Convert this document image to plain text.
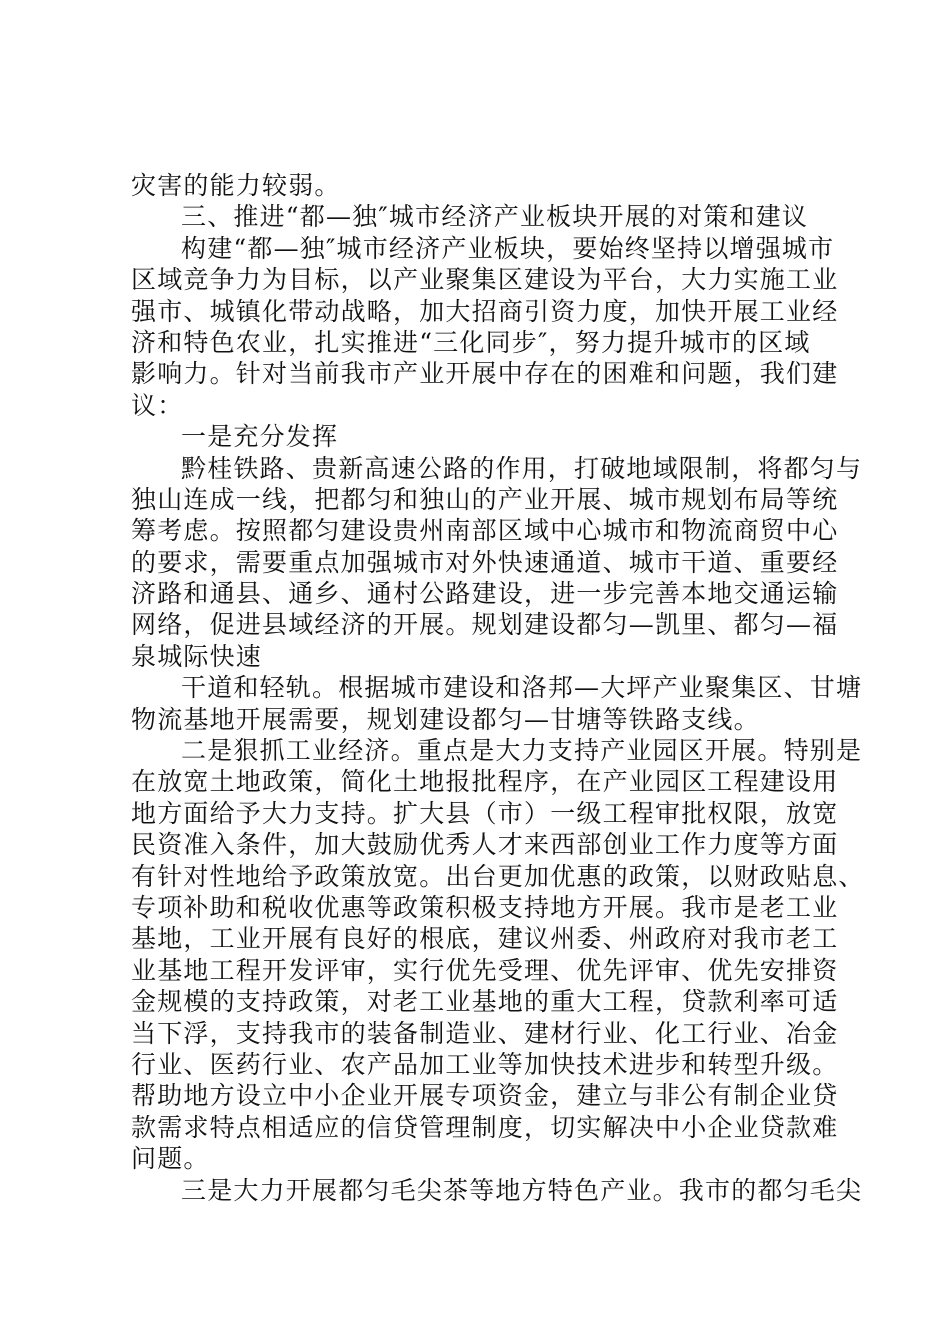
灾害的能力较弱。
三、推进“都—独″城市经济产业板块开展的对策和建议
构建“都—独″城市经济产业板块，要始终坚持以增强城市
区域竞争力为目标，以产业聚集区建设为平台，大力实施工业
强市、城镇化带动战略，加大招商引资力度，加快开展工业经
济和特色农业，扎实推进“三化同步″，努力提升城市的区域
影响力。针对当前我市产业开展中存在的困难和问题，我们建
议：
一是充分发挥
黔桂铁路、贵新高速公路的作用，打破地域限制，将都匀与
独山连成一线，把都匀和独山的产业开展、城市规划布局等统
筹考虑。按照都匀建设贵州南部区域中心城市和物流商贸中心
的要求，需要重点加强城市对外快速通道、城市干道、重要经
济路和通县、通乡、通村公路建设，进一步完善本地交通运输
网络，促进县域经济的开展。规划建设都匀—凯里、都匀—福
泉城际快速
干道和轻轨。根据城市建设和洛邦—大坪产业聚集区、甘塘
物流基地开展需要，规划建设都匀—甘塘等铁路支线。
二是狠抓工业经济。重点是大力支持产业园区开展。特别是
在放宽土地政策，简化土地报批程序，在产业园区工程建设用
地方面给予大力支持。扩大县（市）一级工程审批权限，放宽
民资准入条件，加大鼓励优秀人才来西部创业工作力度等方面
有针对性地给予政策放宽。出台更加优惠的政策，以财政贴息、
专项补助和税收优惠等政策积极支持地方开展。我市是老工业
基地，工业开展有良好的根底，建议州委、州政府对我市老工
业基地工程开发评审，实行优先受理、优先评审、优先安排资
金规模的支持政策，对老工业基地的重大工程，贷款利率可适
当下浮，支持我市的装备制造业、建材行业、化工行业、冶金
行业、医药行业、农产品加工业等加快技术进步和转型升级。
帮助地方设立中小企业开展专项资金，建立与非公有制企业贷
款需求特点相适应的信贷管理制度，切实解决中小企业贷款难
问题。
三是大力开展都匀毛尖茶等地方特色产业。我市的都匀毛尖
